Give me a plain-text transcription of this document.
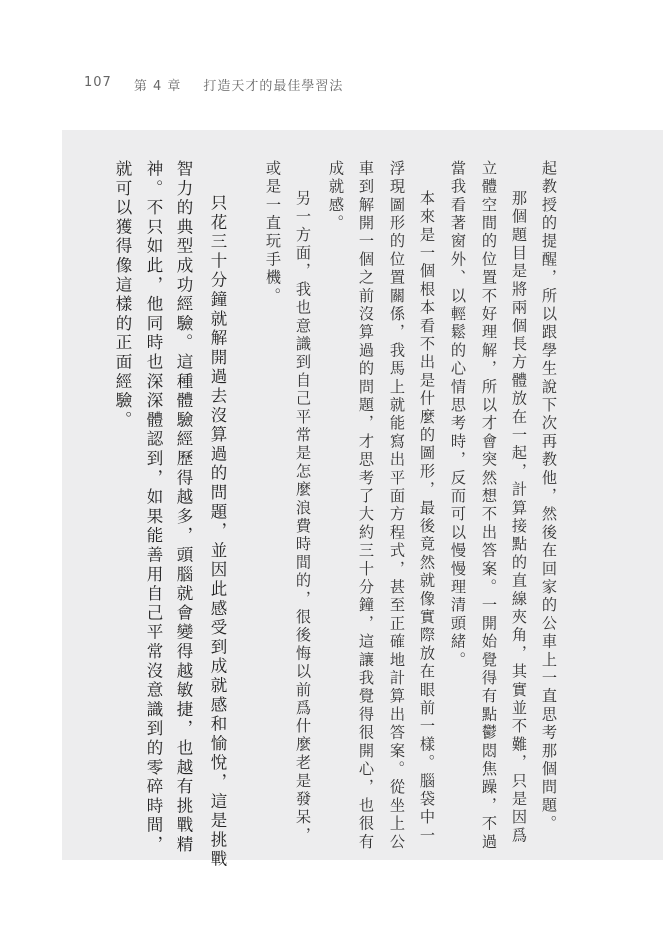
107 第 4 章 打造天才的最佳學習法
起教授的提醒，所以跟學生說下次再教他，然後在回家的公車上一直思考那個問題。
那個題目是將兩個長方體放在一起，計算接點的直線夾角，其實並不難，只是因爲
立體空間的位置不好理解，所以才會突然想不出答案。一開始覺得有點鬱悶焦躁，不過
當我看著窗外、以輕鬆的心情思考時，反而可以慢慢理清頭緒。
本來是一個根本看不出是什麼的圖形，最後竟然就像實際放在眼前一樣。腦袋中一
浮現圖形的位置關係，我馬上就能寫出平面方程式，甚至正確地計算出答案。從坐上公
車到解開一個之前沒算過的問題，才思考了大約三十分鐘，這讓我覺得很開心，也很有
成就感。
另一方面，我也意識到自己平常是怎麼浪費時間的，很後悔以前爲什麼老是發呆，
或是一直玩手機。
只花三十分鐘就解開過去沒算過的問題，並因此感受到成就感和愉悅，這是挑戰
智力的典型成功經驗。這種體驗經歷得越多，頭腦就會變得越敏捷，也越有挑戰精
神。不只如此，他同時也深深體認到，如果能善用自己平常沒意識到的零碎時間，
就可以獲得像這樣的正面經驗。
